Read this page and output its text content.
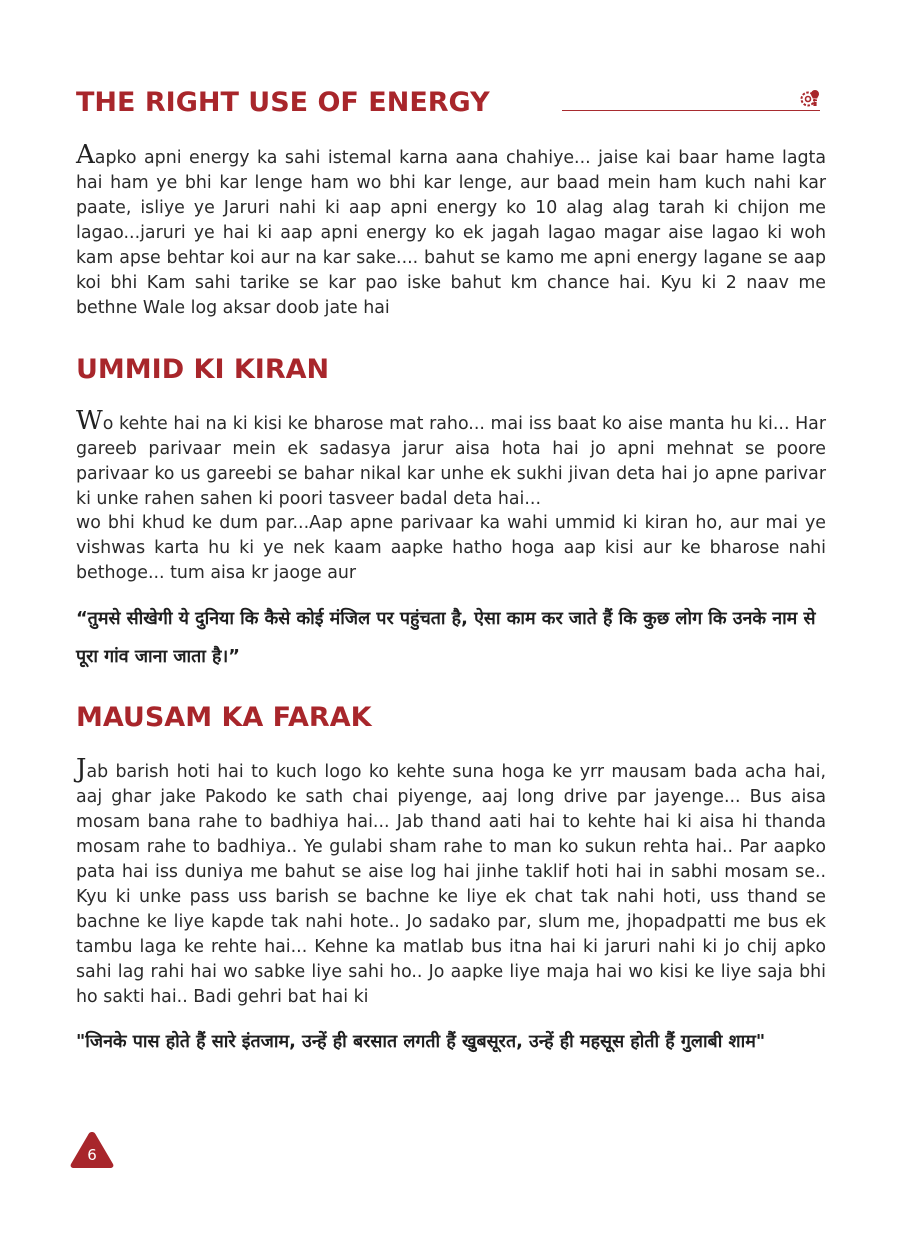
THE RIGHT USE OF ENERGY

Aapko apni energy ka sahi istemal karna aana chahiye... jaise kai baar hame lagta hai ham ye bhi kar lenge ham wo bhi kar lenge, aur baad mein ham kuch nahi kar paate, isliye ye Jaruri nahi ki aap apni energy ko 10 alag alag tarah ki chijon me lagao...jaruri ye hai ki aap apni energy ko ek jagah lagao magar aise lagao ki woh kam apse behtar koi aur na kar sake.... bahut se kamo me apni energy lagane se aap koi bhi Kam sahi tarike se kar pao iske bahut km chance hai. Kyu ki 2 naav me bethne Wale log aksar doob jate hai

UMMID KI KIRAN

Wo kehte hai na ki kisi ke bharose mat raho... mai iss baat ko aise manta hu ki... Har gareeb parivaar mein ek sadasya jarur aisa hota hai jo apni mehnat se poore parivaar ko us gareebi se bahar nikal kar unhe ek sukhi jivan deta hai jo apne parivar ki unke rahen sahen ki poori tasveer badal deta hai...

wo bhi khud ke dum par...Aap apne parivaar ka wahi ummid ki kiran ho, aur mai ye vishwas karta hu ki ye nek kaam aapke hatho hoga aap kisi aur ke bharose nahi bethoge... tum aisa kr jaoge aur

“तुमसे सीखेगी ये दुनिया कि कैसे कोई मंजिल पर पहुंचता है, ऐसा काम कर जाते हैं कि कुछ लोग कि उनके नाम से पूरा गांव जाना जाता है।”

MAUSAM KA FARAK

Jab barish hoti hai to kuch logo ko kehte suna hoga ke yrr mausam bada acha hai, aaj ghar jake Pakodo ke sath chai piyenge, aaj long drive par jayenge... Bus aisa mosam bana rahe to badhiya hai... Jab thand aati hai to kehte hai ki aisa hi thanda mosam rahe to badhiya.. Ye gulabi sham rahe to man ko sukun rehta hai.. Par aapko pata hai iss duniya me bahut se aise log hai jinhe taklif hoti hai in sabhi mosam se.. Kyu ki unke pass uss barish se bachne ke liye ek chat tak nahi hoti, uss thand se bachne ke liye kapde tak nahi hote.. Jo sadako par, slum me, jhopadpatti me bus ek tambu laga ke rehte hai... Kehne ka matlab bus itna hai ki jaruri nahi ki jo chij apko sahi lag rahi hai wo sabke liye sahi ho.. Jo aapke liye maja hai wo kisi ke liye saja bhi ho sakti hai.. Badi gehri bat hai ki

"जिनके पास होते हैं सारे इंतजाम, उन्हें ही बरसात लगती हैं खुबसूरत, उन्हें ही महसूस होती हैं गुलाबी शाम"

6
